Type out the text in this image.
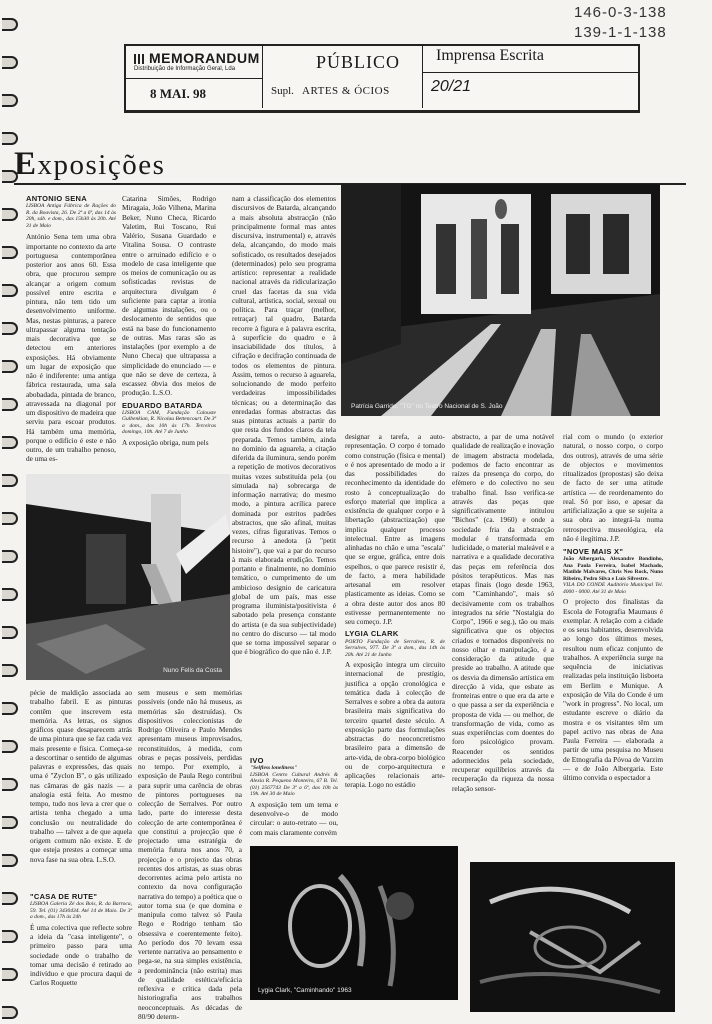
146-0-3-138
139-1-1-138
MEMORANDUM
Distribuição de Informação Geral, Lda
8 MAI. 98
PÚBLICO
Supl. ARTES & ÓCIOS
Imprensa Escrita
20/21
Exposições
ANTONIO SENA

LISBOA Antiga Fábrica de Rações do R. da Boavista, 26. De 2ª a 6ª, das 14 às 20h, sáb. e dom., das 15h30 às 20h. Até 31 de Maio

António Sena tem uma obra importante no contexto da arte portuguesa contemporânea posterior aos anos 60. Essa obra, que procurou sempre alcançar a origem comum possível entre escrita e pintura, não tem tido um desenvolvimento uniforme. Mas, nestas pinturas, a parece ultrapassar alguma tentação mais decorativa que se detectou em anteriores exposições. Há obviamente um lugar de exposição que não é indiferente: uma antiga fábrica restaurada, uma sala abobadada, pintada de branco, atravessada na diagonal por um dispositivo de madeira que serviu para escoar produtos. Há também uma memória, porque o edifício é este e não outro, de um trabalho penoso, de uma es-

Catarina Simões, Rodrigo Miragaia, João Vilhena, Marina Beker, Nuno Checa, Ricardo Valetim, Rui Toscano, Rui Valério, Susana Guardado e Vitalina Sousa. O contraste entre o arruinado edifício e o modelo de casa inteligente que os meios de comunicação ou as sofisticadas revistas de arquitectura divulgam é suficiente para captar a ironia de algumas instalações, ou o deslocamento de sentidos que está na base do funcionamento de outras. Mas raras são as instalações (por exemplo a de Nuno Checa) que ultrapassa a simplicidade do enunciado — e que não se deve de certeza, à escassez óbvia dos meios de produção. L.S.O.

EDUARDO BATARDA

LISBOA CAM, Fundação Calouste Gulbenkian, R. Nicolau Bettencourt. De 3ª a dom., das 10h às 17h. Terceiras domingo, 10h. Até 7 de Junho

A exposição obriga, num pels

nam a classificação dos elementos discursivos de Batarda, alcançando a mais absoluta abstracção (não principalmente formal mas antes discursiva, instrumental) e, através dela, alcançando, do modo mais sofisticado, os resultados desejados (determinados) pelo seu programa artístico: representar a realidade nacional através da ridicularização cruel das facetas da sua vida cultural, artística, social, sexual ou política. Para traçar (melhor, retraçar) tal quadro, Batarda recorre à figura e à palavra escrita, à superfície do quadro e à insaciabilidade dos títulos, à cifração e decifração continuada de todos os elementos de pintura. Assim, temos o recurso à aguarela, solucionando de modo perfeito verdadeiras impossibilidades técnicas; ou a determinação das enredadas formas abstractas das suas pinturas actuais a partir do que resta dos fundos claros da tela preparada. Temos também, ainda no domínio da aguarela, a citação diferida da iluminura, sendo porém a repetição de motivos decorativos muitas vezes substituída pela (ou simulada na) sobrecarga de informação narrativa; do mesmo modo, a pintura acrílica parece dominada por estritos padrões abstractos, que são afinal, muitas vezes, cifras figurativas. Temos o recurso à anedota (à "petit histoire"), que vai a par do recurso à mais elaborada erudição. Temos portanto e finalmente, no domínio temático, o cumprimento de um ambicioso desígnio de caricatura global de um país, mas esse programa iluminista/positivista é sabotado pela presença constante do artista (e da sua subjectividade) no centro do discurso — tal modo que se torna impossível separar o que é biográfico do que não é. J.P.

Patrícia Garrido, "TG" no Teatro Nacional de S. João

designar a tarefa, a auto-representação. O corpo é tomado como construção (física e mental) e é nos apresentado de modo a ir das possibilidades do reconhecimento da identidade do rosto à conceptualização do esforço material que implica a existência de qualquer corpo e à libertação (abstractização) que implica qualquer processo intelectual. Entre as imagens alinhadas no chão e uma "escala" que se ergue, gráfica, entre dois espelhos, o que parece resistir é, de facto, a mera habilidade artesanal em resolver plasticamente as ideias. Como se a obra deste autor dos anos 80 estivesse permanentemente no seu começo. J.P.

LYGIA CLARK

PORTO Fundação de Serralves, R. de Serralves, 977. De 3ª a dom., das 14h às 20h. Até 21 de Junho

A exposição integra um circuito internacional de prestígio, justifica a opção cronológica e temática dada à colecção de Serralves e sobre a obra da autora brasileira mais significativa do terceiro quartel deste século. A exposição parte das formulações abstractas do neoconcretismo brasileiro para a dimensão de arte-vida, de obra-corpo biológico ou de corpo-arquitectura e aplicações relacionais arte-terapia. Logo no estádio

abstracto, a par de uma notável qualidade de realização e inovação de imagem abstracta modelada, podemos de facto encontrar as raízes da presença do corpo, do efémero e do colectivo no seu trabalho final. Isso verifica-se através das peças que significativamente intitulou "Bichos" (ca. 1960) e onde a sociedade fria da abstracção modular é transformada em ludicidade, o material maleável e a narrativa e a qualidade decorativa das peças em referência dos pósitos terapêuticos. Mas nas etapas finais (logo desde 1963, com "Caminhando", mais só decisivamente com os trabalhos integrados na série "Nostalgia do Corpo", 1966 e seg.), tão ou mais significativa que os objectos criados e tornados disponíveis no nosso olhar e manipulação, é a consideração da atitude que preside ao trabalho. A atitude que os desvia da dimensão artística em direcção à vida, que esbate as fronteiras entre o que era da arte e o que passa a ser da experiência e proposta de vida — ou melhor, de transformação de vida, como as suas experiências com doentes do foro psicológico provam. Reacender os sentidos adormecidos pela sociedade, recuperar equilíbrios através da recuperação da riqueza da nossa relação sensor-

rial com o mundo (o exterior natural, o nosso corpo, o corpo dos outros), através de uma série de objectos e movimentos ritualizados (propostas) são deixa de facto de ser uma atitude artística — de reordenamento do real. Só por isso, e apesar da artificialização a que se sujeita a sua obra ao integrá-la numa retrospectiva museológica, ela não é ilegítima. J.P.

"NOVE MAIS X"

João Albergaria, Alexandre Bondinho, Ana Paula Ferreira, Isabel Machado, Matilde Malvares, Chris Neo Rock, Nuno Ribeiro, Pedro Silva e Luís Silvestre.

VILA DO CONDE Auditório Municipal Tel. 4000 - 0000. Até 31 de Maio

O projecto dos finalistas da Escola de Fotografia Maumaus é exemplar. A relação com a cidade e os seus habitantes, desenvolvida ao longo dos últimos meses, resultou num eficaz conjunto de trabalhos. A experiência surge na sequência de iniciativas realizadas pela instituição lisboeta em Berlim e Munique. A exposição de Vila do Conde é um "work in progress". No local, um estudante escreve o diário da mostra e os visitantes têm um papel activo nas obras de Ana Paula Ferreira — elaborada a partir de uma pesquisa no Museu de Etnografia da Póvoa de Varzim — e de João Albergaria. Este último convida o espectador a

Nuno Felis da Costa

pécie de maldição associada ao trabalho fabril. E as pinturas contêm que inscrevem esta memória. As letras, os signos gráficos quase desaparecem atrás de uma pintura que se faz cada vez mais presente e física. Começa-se a descortinar o sentido de algumas palavras e expressões, das quais uma é "Zyclon B", o gás utilizado nas câmaras de gás nazis — a analogia está feita. Ao mesmo tempo, tudo nos leva a crer que o artista tenha chegado a uma conclusão ou neutralidade do trabalho — talvez a de que aquela origem comum não existe. E de que esteja prestes a começar uma nova fase na sua obra. L.S.O.

"CASA DE RUTE"

LISBOA Galeria Zé dos Bois, R. da Barroca, 59. Tel. (01) 3430434. Até 14 de Maio. De 3ª a dom., das 17h às 24h

É uma colectiva que reflecte sobre a ideia da "casa inteligente", o primeiro passo para uma sociedade onde o trabalho de tomar uma decisão é retirado ao indivíduo e que procura daqui de Carlos Roquette

sem museus e sem memórias possíveis (onde não há museus, as memórias são destruídas). Os dispositivos coleccionistas de Rodrigo Oliveira e Paulo Mendes apresentam museus improvisados, reconstituídos, à medida, com obras e peças possíveis, perdidas no tempo. Por exemplo, a exposição de Paula Rego contribui para suprir uma carência de obras de pintores portugueses na colecção de Serralves. Por outro lado, parte do interesse desta colecção de arte contemporânea é que constitui a projecção que é projectado uma estratégia de memória futura nos anos 70, a projecção e o projecto das obras recentes dos artistas, as suas obras decorrentes acima pelo artista no contexto da nova configuração narrativa do tempo) a poética que o autor torna sua (e que domina e manipula como talvez só Paula Rego e Rodrigo tenham tão obsessiva e coerentemente feito). Ao período dos 70 levam essa vertente narrativa ao pensamento e pega-se, na sua simples existência, a predominância (não estrita) mas de qualidade estética/eficácia reflexiva e crítica dada pela historiografia aos trabalhos neoconceptuais. As décadas de 80/90 determ-

IVO

"Selfless loneliness"

LISBOA Centro Cultural Andrés & Alexia R. Pequeno Monteiro, 67 B. Tel. (01) 2567743 De 3ª a 6ª, das 10h às 19h. Até 30 de Maio

A exposição tem um tema e desenvolve-o de modo circular: o auto-retrato — ou, com mais claramente convém

Lygia Clark, "Caminhando" 1963
